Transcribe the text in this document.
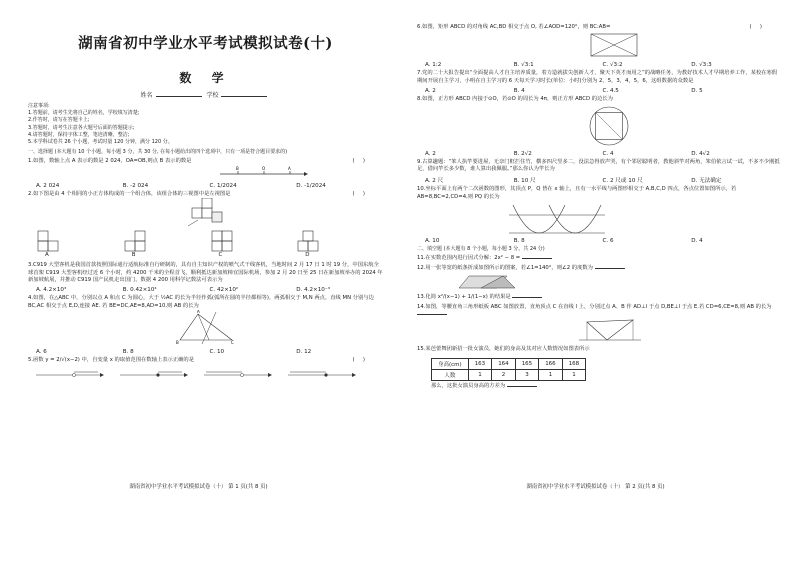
湖南省初中学业水平考试模拟试卷(十)
数 学
姓名	学校
注意事项:
1.答题前，请考生先将自己的姓名，学校填写清楚;
2.作答时，请写在答题卡上;
3.答题时，请考生注意各大题号后面的答题提示;
4.请答题时，保持字体工整，笔迹清晰，整洁;
5.本学科试卷共 26 个小题，考试时量 120 分钟，满分 120 分。
一、选择题 (本大题有 10 个小题，每小题 3 分，共 30 分, 在每小题给出的四个选项中，只有一项是符合题目要求的)
(     )
1.如图，数轴上点 A 表示的数是 2 024，OA=OB,则点 B 表示的数是
B	O	A
A. 2 024	B. -2 024	C. 1/2024	D. -1/2024
(     )
2.如下图是由 4 个相同的小正方体构成的一个组合体，该组合体的三视图中是左视图是
A	B	C	D
3.C919 大型客机是我国首款按照国际通行适航标准自行研制的，具有自主知识产权的喷气式干线客机，当地时间 2 月 17 日 1 时 19 分，中国东航全球首架 C919 大型客机经过近 6 个小时，约 4200 千米的全程首飞，顺利抵达新加坡樟宜国际机场，参加 2 月 20 日至 25 日在新加坡举办的 2024 年新加坡航展，并推动 C919 国产民机走出国门，数据 4 200 用科学记数法可表示为
A. 4.2×10³	B. 0.42×10⁴	C. 42×10²	D. 4.2×10⁻³
4.如图，在△ABC 中，分别以点 A 和点 C 为圆心，大于 ½AC 的长为半径作弧(弧所在圆的半径都相等)，两弧相交于 M,N 两点，直线 MN 分别与边 BC,AC 相交于点 E,D,连接 AE. 若 BE=DC,AE=8,AD=10,则 AB 的长为
B	C
A
A. 6	B. 8	C. 10	D. 12
(     )
5.函数 y = 2/√(x−2) 中，自变量 x 的取值范围在数轴上表示正确的是
湖南省初中学业水平考试模拟试卷（十） 第 1 页(共 8 页)
(     )
6.如图，矩形 ABCD 的对角线 AC,BD 相交于点 O, 若∠AOD=120°，则 BC:AB=
A. 1:2	B. √3:1	C. √3:2	D. √3:3
7.党的二十大报告提出“全面提高人才自主培养质量，着力造就拔尖创新人才，聚天下英才而用之”的战略任务，为教好技术人才早期培养工作，某校在寒假期间开展自主学习，小明在自主学习的 6 天每天学习时长(单位：小时)分别为 2，5，3，4，5，6，这组数据的众数是
A. 2	B. 4	C. 4.5	D. 5
8.如图，正方形 ABCD 内接于⊙O，若⊙O 的周长为 4π，则正方形 ABCD 的边长为
A. 2	B. 2√2	C. 4	D. 4√2
9.古算趣题：“笨人执竿要进屋，无奈门框拦住竹，横多四尺竖多二，没法急得放声哭，有个邻居聪明者，教他斜竿对两角，笨伯依言试一试，不多不少刚抵足，借问竿长多少数，谁人算出我佩服。”那么你认为竿长为
A. 2 尺	B. 10 尺	C. 2 尺或 10 尺	D. 无法确定
10.坐标平面上有两个二次函数的图形，其顶点 P，Q 皆在 x 轴上，且有一水平线与两图形相交于 A,B,C,D 四点，各点位置如图所示，若 AB=8,BC=2,CD=4,则 PQ 的长为
A. 10	B. 8	C. 6	D. 4
二、填空题 (本大题有 8 个小题，每小题 3 分，共 24 分)
11.在实数范围内进行因式分解：2x² − 8 =
12.用一张等宽的纸条折成如图所示的图案，若∠1=140°，则∠2 的度数为
13.化简 x²/(x−1) + 1/(1−x) 的结果是
14.如图，等腰直角三角形纸板 ABC 如图放置，直角顶点 C 在直线 l 上，分别过点 A、B 作 AD⊥l 于点 D,BE⊥l 于点 E.若 CD=6,CE=8,则 AB 的长为
15.某芭蕾舞团新招一批女演员，她们的身高及其对应人数情况如图表所示
身高(cm)	163	164	165	166	168
人数	1	2	3	1	1
那么，这批女演员身高的方差为
湖南省初中学业水平考试模拟试卷（十） 第 2 页(共 8 页)
